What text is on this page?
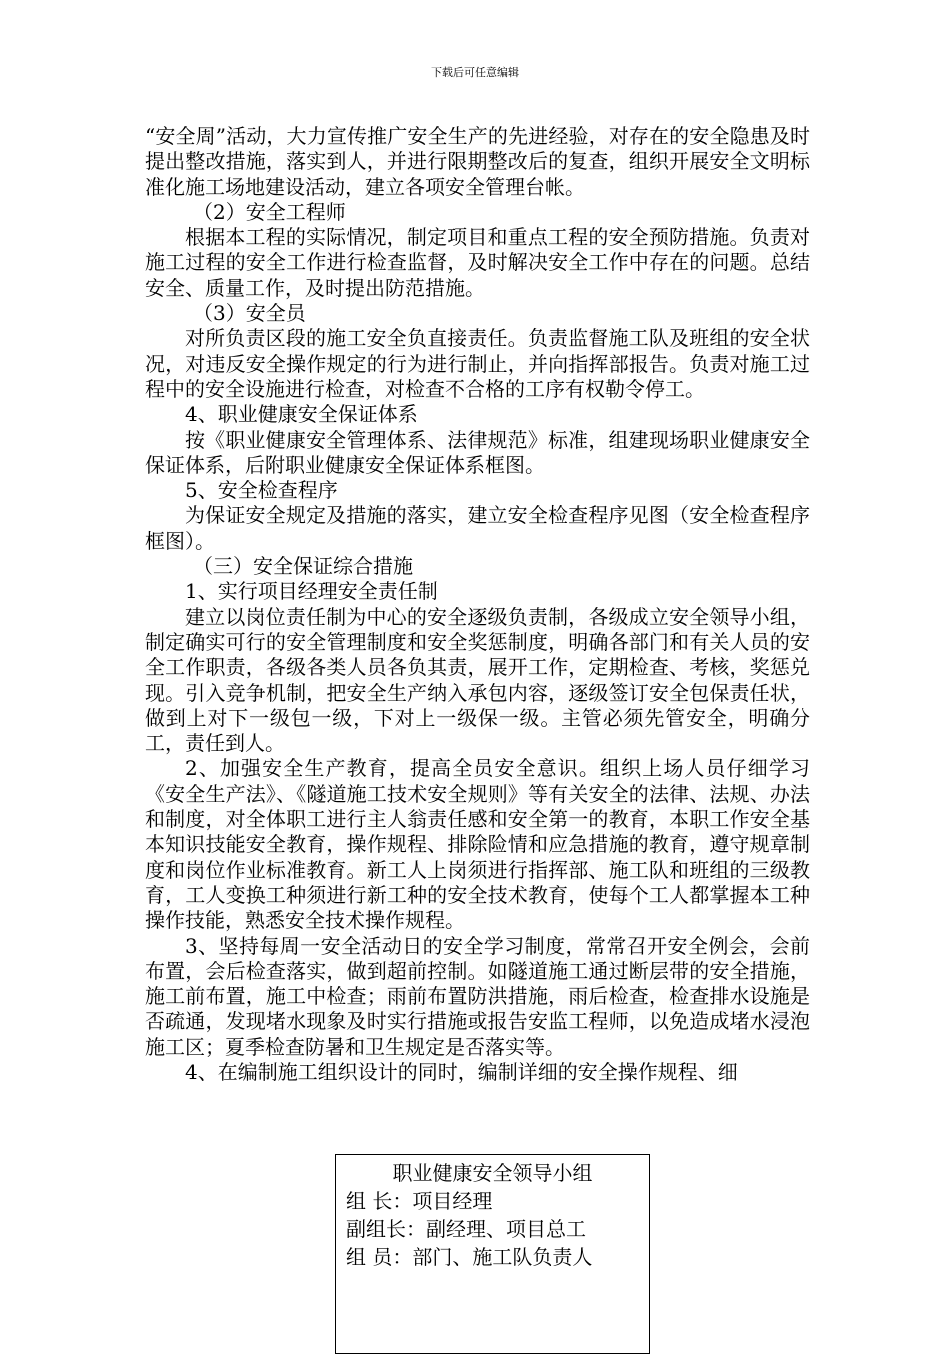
下载后可任意编辑

“安全周”活动，大力宣传推广安全生产的先进经验，对存在的安全隐患及时提出整改措施，落实到人，并进行限期整改后的复查，组织开展安全文明标准化施工场地建设活动，建立各项安全管理台帐。

（2）安全工程师

根据本工程的实际情况，制定项目和重点工程的安全预防措施。负责对施工过程的安全工作进行检查监督，及时解决安全工作中存在的问题。总结安全、质量工作，及时提出防范措施。

（3）安全员

对所负责区段的施工安全负直接责任。负责监督施工队及班组的安全状况，对违反安全操作规定的行为进行制止，并向指挥部报告。负责对施工过程中的安全设施进行检查，对检查不合格的工序有权勒令停工。

4、职业健康安全保证体系

按《职业健康安全管理体系、法律规范》标准，组建现场职业健康安全保证体系，后附职业健康安全保证体系框图。

5、安全检查程序

为保证安全规定及措施的落实，建立安全检查程序见图（安全检查程序框图）。

（三）安全保证综合措施

1、实行项目经理安全责任制

建立以岗位责任制为中心的安全逐级负责制，各级成立安全领导小组，制定确实可行的安全管理制度和安全奖惩制度，明确各部门和有关人员的安全工作职责，各级各类人员各负其责，展开工作，定期检查、考核，奖惩兑现。引入竞争机制，把安全生产纳入承包内容，逐级签订安全包保责任状，做到上对下一级包一级，下对上一级保一级。主管必须先管安全，明确分工，责任到人。

2、加强安全生产教育，提高全员安全意识。组织上场人员仔细学习《安全生产法》、《隧道施工技术安全规则》等有关安全的法律、法规、办法和制度，对全体职工进行主人翁责任感和安全第一的教育，本职工作安全基本知识技能安全教育，操作规程、排除险情和应急措施的教育，遵守规章制度和岗位作业标准教育。新工人上岗须进行指挥部、施工队和班组的三级教育，工人变换工种须进行新工种的安全技术教育，使每个工人都掌握本工种操作技能，熟悉安全技术操作规程。

3、坚持每周一安全活动日的安全学习制度，常常召开安全例会，会前布置，会后检查落实，做到超前控制。如隧道施工通过断层带的安全措施，施工前布置，施工中检查；雨前布置防洪措施，雨后检查，检查排水设施是否疏通，发现堵水现象及时实行措施或报告安监工程师，以免造成堵水浸泡施工区；夏季检查防暑和卫生规定是否落实等。

4、在编制施工组织设计的同时，编制详细的安全操作规程、细

职业健康安全领导小组
组 长：项目经理
副组长：副经理、项目总工
组 员：部门、施工队负责人
